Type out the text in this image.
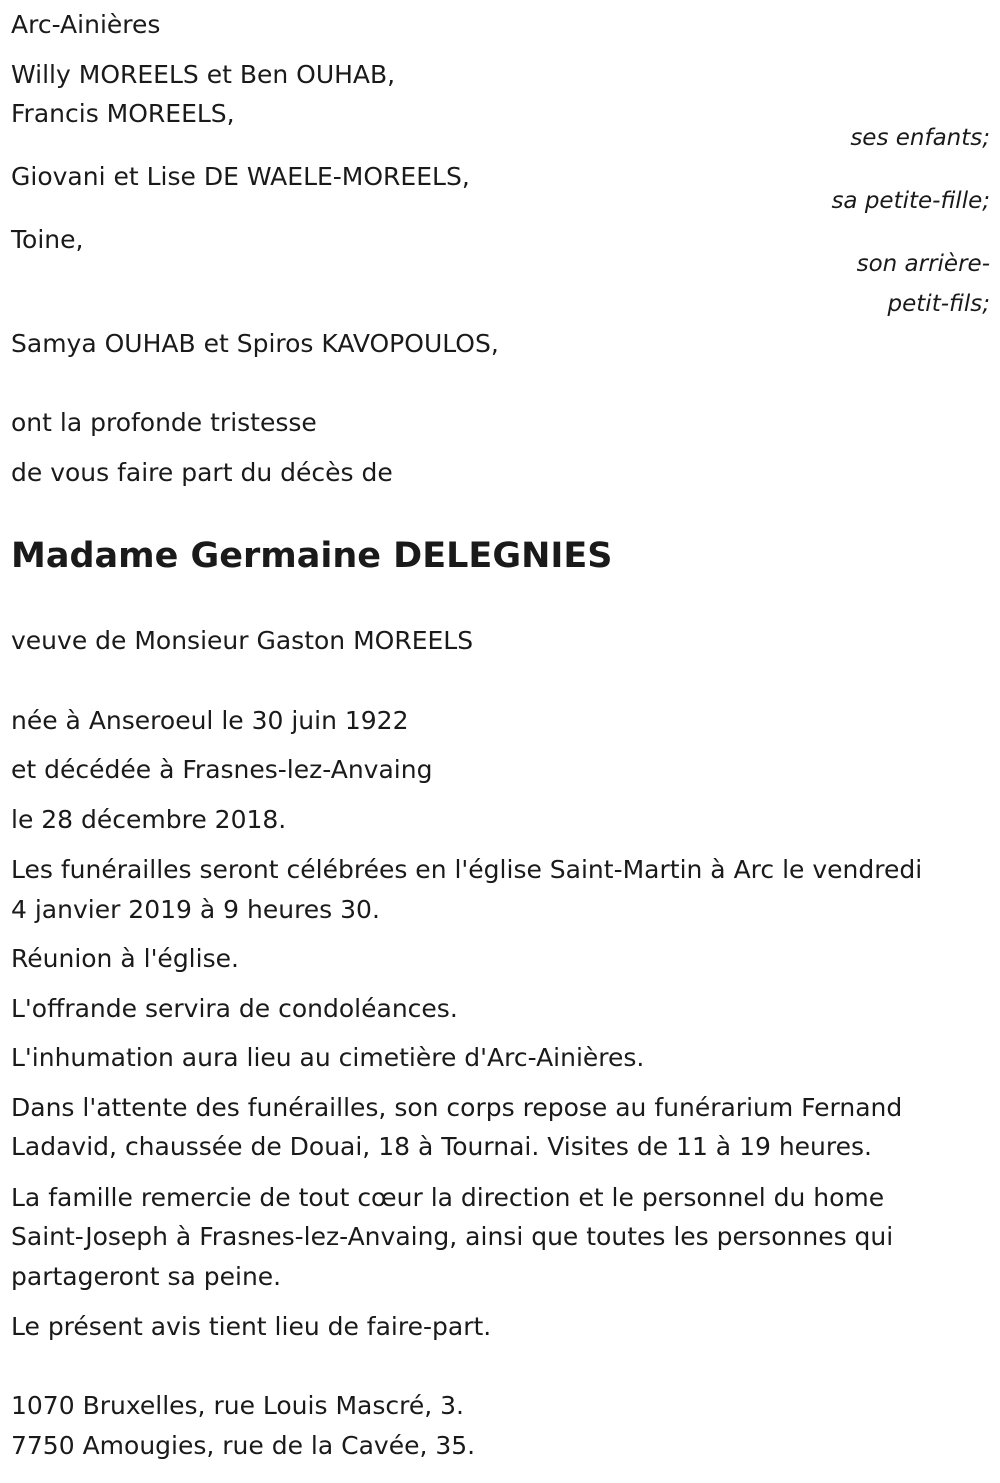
Arc-Ainières
Willy MOREELS et Ben OUHAB,
Francis MOREELS,
ses enfants;
Giovani et Lise DE WAELE-MOREELS,
sa petite-fille;
Toine,
son arrière-
petit-fils;
Samya OUHAB et Spiros KAVOPOULOS,
ont la profonde tristesse
de vous faire part du décès de
Madame Germaine DELEGNIES
veuve de Monsieur Gaston MOREELS
née à Anseroeul le 30 juin 1922
et décédée à Frasnes-lez-Anvaing
le 28 décembre 2018.
Les funérailles seront célébrées en l'église Saint-Martin à Arc le vendredi
4 janvier 2019 à 9 heures 30.
Réunion à l'église.
L'offrande servira de condoléances.
L'inhumation aura lieu au cimetière d'Arc-Ainières.
Dans l'attente des funérailles, son corps repose au funérarium Fernand
Ladavid, chaussée de Douai, 18 à Tournai. Visites de 11 à 19 heures.
La famille remercie de tout cœur la direction et le personnel du home
Saint-Joseph à Frasnes-lez-Anvaing, ainsi que toutes les personnes qui
partageront sa peine.
Le présent avis tient lieu de faire-part.
1070 Bruxelles, rue Louis Mascré, 3.
7750 Amougies, rue de la Cavée, 35.
